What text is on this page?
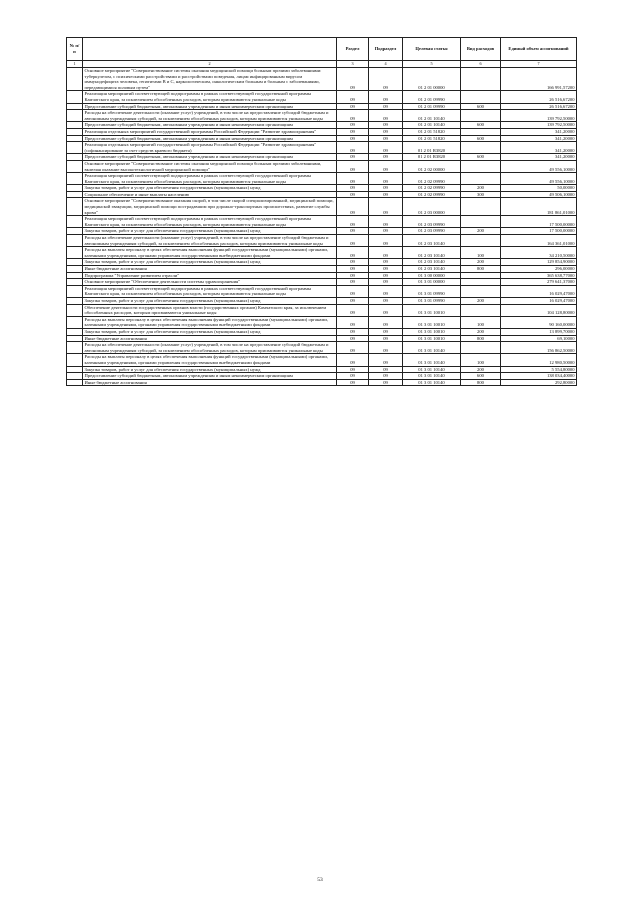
№ п/п		Раздел	Подраздел	Целевая статья	Вид расходов	Единый объем ассигнований
1	2	3	4	5	6	7
	Основное мероприятие "Совершенствование системы оказания медицинской помощи больным прочими заболеваниями: туберкулезом, с психическими расстройствами и расстройствами поведения, лицам инфицированным вирусом иммунодефицита человека, гепатитами В и С, наркологическим, онкологическим больным и больным с заболеваниями, передающимися половым путем"	09	09	01 2 01 00000		166 991,57200
	Реализация мероприятий соответствующей подпрограммы в рамках соответствующей государственной программы Камчатского края, за исключением обособленных расходов, которым присваиваются уникальные коды	09	09	01 2 01 09990		26 516,67200
	Предоставление субсидий бюджетным, автономным учреждениям и иным некоммерческим организациям	09	09	01 2 01 09990	600	26 516,67200
	Расходы на обеспечение деятельности (оказание услуг) учреждений, в том числе на предоставление субсидий бюджетным и автономным учреждениям субсидий, за исключением обособленных расходов, которым присваиваются уникальные коды	09	09	01 2 01 10140		139 792,50000
	Предоставление субсидий бюджетным, автономным учреждениям и иным некоммерческим организациям	09	09	01 2 01 10140	600	139 792,50000
	Реализация отдельных мероприятий государственной программы Российской Федерации "Развитие здравоохранения"	09	09	01 2 01 51820		341,20000
	Предоставление субсидий бюджетным, автономным учреждениям и иным некоммерческим организациям	09	09	01 2 01 51820	600	341,20000
	Реализация отдельных мероприятий государственной программы Российской Федерации "Развитие здравоохранения" (софинансирование за счет средств краевого бюджета)	09	09	01 2 01 R3820		341,20000
	Предоставление субсидий бюджетным, автономным учреждениям и иным некоммерческим организациям	09	09	01 2 01 R3820	600	341,20000
	Основное мероприятие "Совершенствование системы оказания медицинской помощи больным прочими заболеваниями, включая оказание высокотехнологичной медицинской помощи"	09	09	01 2 02 00000		49 556,10000
	Реализация мероприятий соответствующей подпрограммы в рамках соответствующей государственной программы Камчатского края, за исключением обособленных расходов, которым присваиваются уникальные коды	09	09	01 2 02 09990		49 556,10000
	Закупка товаров, работ и услуг для обеспечения государственных (муниципальных) нужд	09	09	01 2 02 09990	200	50,00000
	Социальное обеспечение и иные выплаты населению	09	09	01 2 02 09990	300	49 506,10000
	Основное мероприятие "Совершенствование оказания скорой, в том числе скорой специализированной, медицинской помощи, медицинской эвакуации, медицинской помощи пострадавшим при дорожно-транспортных происшествиях, развитие службы крови"	09	09	01 2 03 00000		181 861,01000
	Реализация мероприятий соответствующей подпрограммы в рамках соответствующей государственной программы Камчатского края, за исключением обособленных расходов, которым присваиваются уникальные коды	09	09	01 2 03 09990		17 500,00000
	Закупка товаров, работ и услуг для обеспечения государственных (муниципальных) нужд	09	09	01 2 03 09990	200	17 500,00000
	Расходы на обеспечение деятельности (оказание услуг) учреждений, в том числе на предоставление субсидий бюджетным и автономным учреждениям субсидий, за исключением обособленных расходов, которым присваиваются уникальные коды	09	09	01 2 03 10140		164 361,01000
	Расходы на выплаты персоналу в целях обеспечения выполнения функций государственными (муниципальными) органами, казенными учреждениями, органами управления государственными внебюджетными фондами	09	09	01 2 03 10140	100	34 210,50000
	Закупка товаров, работ и услуг для обеспечения государственных (муниципальных) нужд	09	09	01 2 03 10140	200	129 854,90000
	Иные бюджетные ассигнования	09	09	01 2 03 10140	800	296,00000
	Подпрограмма "Управление развитием отрасли"	09	09	01 3 00 00000		365 638,77000
	Основное мероприятие "Обеспечение деятельности системы здравоохранения"	09	09	01 3 01 00000		279 641,37000
	Реализация мероприятий соответствующей подпрограммы в рамках соответствующей государственной программы Камчатского края, за исключением обособленных расходов, которым присваиваются уникальные коды	09	09	01 3 01 09990		16 029,47000
	Закупка товаров, работ и услуг для обеспечения государственных (муниципальных) нужд	09	09	01 3 01 09990	200	16 029,47000
	Обеспечение деятельности государственных органов власти (государственных органов) Камчатского края, за исключением обособленных расходов, которым присваиваются уникальные коды	09	09	01 3 01 10010		104 128,80000
	Расходы на выплаты персоналу в целях обеспечения выполнения функций государственными (муниципальными) органами, казенными учреждениями, органами управления государственными внебюджетными фондами	09	09	01 3 01 10010	100	90 160,00000
	Закупка товаров, работ и услуг для обеспечения государственных (муниципальных) нужд	09	09	01 3 01 10010	200	13 899,70000
	Иные бюджетные ассигнования	09	09	01 3 01 10010	800	69,10000
	Расходы на обеспечение деятельности (оказание услуг) учреждений, в том числе на предоставление субсидий бюджетным и автономным учреждениям субсидий, за исключением обособленных расходов, которым присваиваются уникальные коды	09	09	01 3 01 10140		156 862,50000
	Расходы на выплаты персоналу в целях обеспечения выполнения функций государственными (муниципальными) органами, казенными учреждениями, органами управления государственными внебюджетными фондами	09	09	01 3 01 10140	100	12 980,50000
	Закупка товаров, работ и услуг для обеспечения государственных (муниципальных) нужд	09	09	01 3 01 10140	200	5 554,80000
	Предоставление субсидий бюджетным, автономным учреждениям и иным некоммерческим организациям	09	09	01 3 01 10140	600	138 034,40000
	Иные бюджетные ассигнования	09	09	01 3 01 10140	800	292,80000
53
